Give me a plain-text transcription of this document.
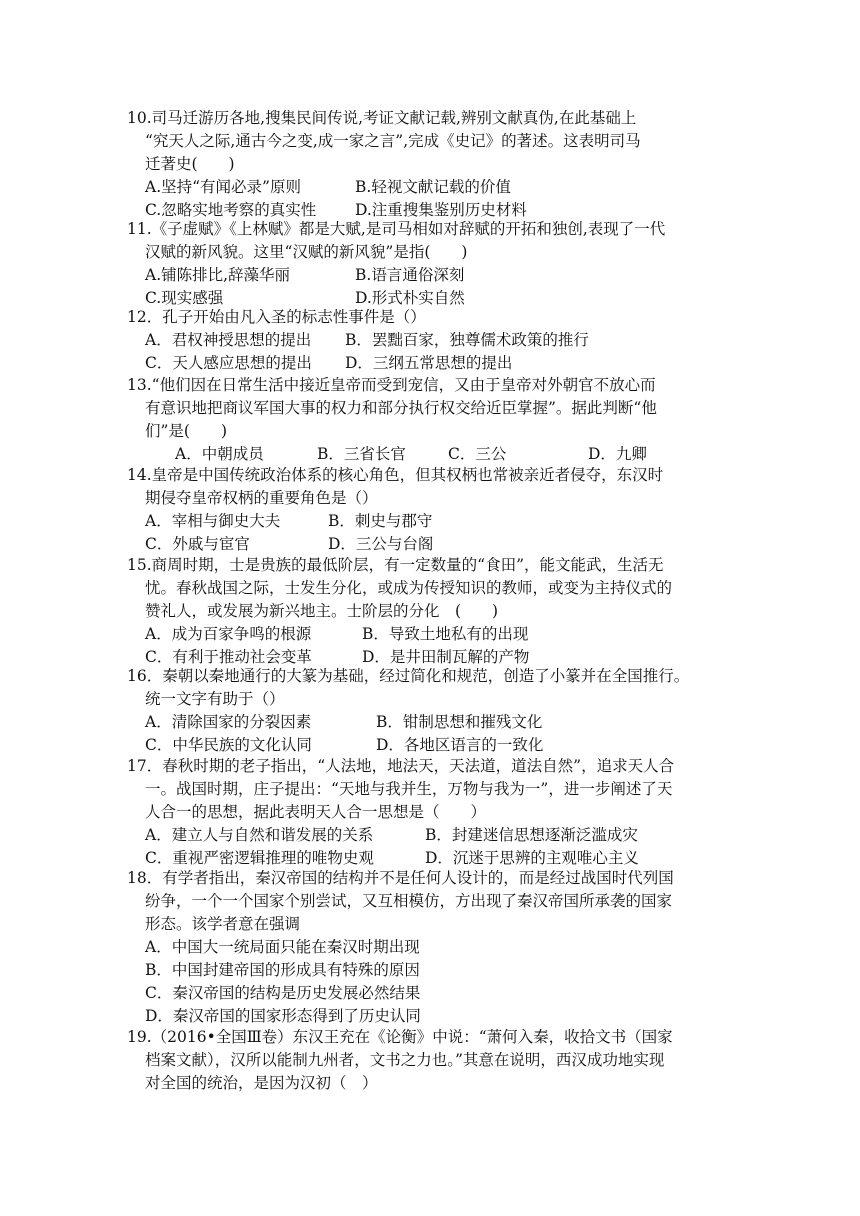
10.司马迁游历各地,搜集民间传说,考证文献记载,辨别文献真伪,在此基础上
“究天人之际,通古今之变,成一家之言”,完成《史记》的著述。这表明司马
迁著史(　　)
A.坚持“有闻必录”原则	B.轻视文献记载的价值
C.忽略实地考察的真实性	D.注重搜集鉴别历史材料
11.《子虚赋》《上林赋》都是大赋,是司马相如对辞赋的开拓和独创,表现了一代
汉赋的新风貌。这里“汉赋的新风貌”是指(　　)
A.铺陈排比,辞藻华丽	B.语言通俗深刻
C.现实感强	D.形式朴实自然
12．孔子开始由凡入圣的标志性事件是（）
A．君权神授思想的提出 B．罢黜百家，独尊儒术政策的推行
C．天人感应思想的提出 D．三纲五常思想的提出
13.“他们因在日常生活中接近皇帝而受到宠信，又由于皇帝对外朝官不放心而
有意识地把商议军国大事的权力和部分执行权交给近臣掌握”。据此判断“他
们”是(　　)
A．中朝成员	B．三省长官	C．三公	D．九卿
14.皇帝是中国传统政治体系的核心角色，但其权柄也常被亲近者侵夺，东汉时
期侵夺皇帝权柄的重要角色是（）
A．宰相与御史大夫	B．刺史与郡守
C．外戚与宦官	D．三公与台阁
15.商周时期，士是贵族的最低阶层，有一定数量的“食田”，能文能武，生活无
忧。春秋战国之际，士发生分化，或成为传授知识的教师，或变为主持仪式的
赞礼人，或发展为新兴地主。士阶层的分化　(　　)
A．成为百家争鸣的根源	B．导致土地私有的出现
C．有利于推动社会变革	D．是井田制瓦解的产物
16．秦朝以秦地通行的大篆为基础，经过简化和规范，创造了小篆并在全国推行。
统一文字有助于（）
A．清除国家的分裂因素	B．钳制思想和摧残文化
C．中华民族的文化认同	D．各地区语言的一致化
17．春秋时期的老子指出，“人法地，地法天，天法道，道法自然”，追求天人合
一。战国时期，庄子提出：“天地与我并生，万物与我为一”，进一步阐述了天
人合一的思想，据此表明天人合一思想是（　　）
A．建立人与自然和谐发展的关系	B．封建迷信思想逐渐泛滥成灾
C．重视严密逻辑推理的唯物史观	D．沉迷于思辨的主观唯心主义
18．有学者指出，秦汉帝国的结构并不是任何人设计的，而是经过战国时代列国
纷争，一个一个国家个别尝试，又互相模仿，方出现了秦汉帝国所承袭的国家
形态。该学者意在强调
A．中国大一统局面只能在秦汉时期出现
B．中国封建帝国的形成具有特殊的原因
C．秦汉帝国的结构是历史发展必然结果
D．秦汉帝国的国家形态得到了历史认同
19.（2016•全国Ⅲ卷）东汉王充在《论衡》中说：“萧何入秦，收拾文书（国家
档案文献），汉所以能制九州者，文书之力也。”其意在说明，西汉成功地实现
对全国的统治，是因为汉初（　）
